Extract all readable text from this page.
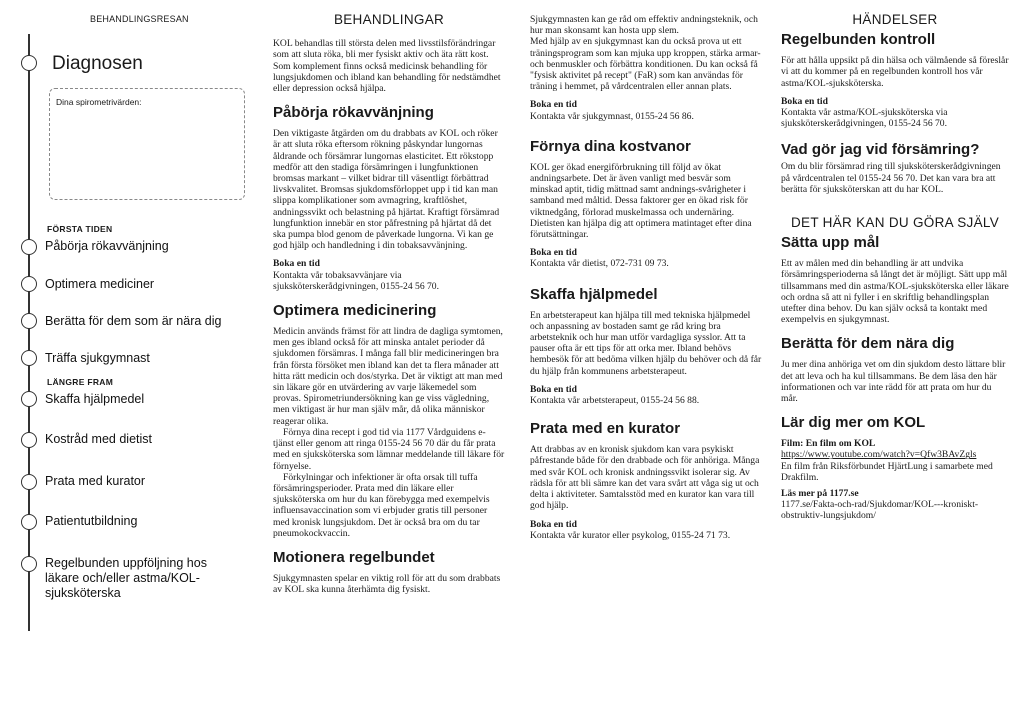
BEHANDLINGSRESAN
Diagnosen
Dina spirometrivärden:
FÖRSTA TIDEN
Påbörja rökavvänjning
Optimera mediciner
Berätta för dem som är nära dig
Träffa sjukgymnast
LÄNGRE FRAM
Skaffa hjälpmedel
Kostråd med dietist
Prata med kurator
Patientutbildning
Regelbunden uppföljning hos läkare och/eller astma/KOL-sjuksköterska
BEHANDLINGAR

KOL behandlas till största delen med livsstilsförändringar som att sluta röka, bli mer fysiskt aktiv och äta rätt kost. Som komplement finns också medicinsk behandling för lungsjukdomen och ibland kan behandling för nedstämdhet eller depression också hjälpa.

Påbörja rökavvänjning

Den viktigaste åtgärden om du drabbats av KOL och röker är att sluta röka eftersom rökning påskyndar lungornas åldrande och försämrar lungornas elasticitet. Ett rökstopp medför att den stadiga försämringen i lungfunktionen bromsas markant – vilket bidrar till väsentligt förbättrad livskvalitet. Bromsas sjukdomsförloppet upp i tid kan man slippa komplikationer som avmagring, kraftlöshet, andningssvikt och belastning på hjärtat. Kraftigt försämrad lungfunktion innebär en stor påfrestning på hjärtat då det ska pumpa blod genom de påverkade lungorna. Vi kan ge god hjälp och handledning i din tobaksavvänjning.

Boka en tid

Kontakta vår tobaksavvänjare via sjuksköterskerådgivningen, 0155-24 56 70.

Optimera medicinering

Medicin används främst för att lindra de dagliga symtomen, men ges ibland också för att minska antalet perioder då sjukdomen försämras. I många fall blir medicineringen bra från första försöket men ibland kan det ta flera månader att hitta rätt medicin och dos/styrka. Det är viktigt att man med sin läkare gör en utvärdering av varje läkemedel som provas. Spirometriundersökning kan ge viss vägledning, men viktigast är hur man själv mår, då olika människor reagerar olika.

Förnya dina recept i god tid via 1177 Vårdguidens e-tjänst eller genom att ringa 0155-24 56 70 där du får prata med en sjuksköterska som lämnar meddelande till läkare för förnyelse.

Förkylningar och infektioner är ofta orsak till tuffa försämringsperioder. Prata med din läkare eller sjuksköterska om hur du kan förebygga med exempelvis influensavaccination som vi erbjuder gratis till personer med kronisk lungsjukdom. Det är också bra om du tar pneumokockvaccin.

Motionera regelbundet

Sjukgymnasten spelar en viktig roll för att du som drabbats av KOL ska kunna återhämta dig fysiskt.

Sjukgymnasten kan ge råd om effektiv andningsteknik, och hur man skonsamt kan hosta upp slem.

Med hjälp av en sjukgymnast kan du också prova ut ett träningsprogram som kan mjuka upp kroppen, stärka armar- och benmuskler och förbättra konditionen. Du kan också få "fysisk aktivitet på recept" (FaR) som kan användas för träning i hemmet, på vårdcentralen eller annan plats.

Boka en tid

Kontakta vår sjukgymnast, 0155-24 56 86.

Förnya dina kostvanor

KOL ger ökad energiförbrukning till följd av ökat andningsarbete. Det är även vanligt med besvär som minskad aptit, tidig mättnad samt andnings-svårigheter i samband med måltid. Dessa faktorer ger en ökad risk för viktnedgång, förlorad muskelmassa och undernäring. Dietisten kan hjälpa dig att optimera matintaget efter dina förutsättningar.

Boka en tid

Kontakta vår dietist, 072-731 09 73.

Skaffa hjälpmedel

En arbetsterapeut kan hjälpa till med tekniska hjälpmedel och anpassning av bostaden samt ge råd kring bra arbetsteknik och hur man utför vardagliga sysslor. Att ta pauser ofta är ett tips för att orka mer. Ibland behövs hembesök för att bedöma vilken hjälp du behöver och då får du hjälp från kommunens arbetsterapeut.

Boka en tid

Kontakta vår arbetsterapeut, 0155-24 56 88.

Prata med en kurator

Att drabbas av en kronisk sjukdom kan vara psykiskt påfrestande både för den drabbade och för anhöriga. Många med svår KOL och kronisk andningssvikt isolerar sig. Av rädsla för att bli sämre kan det vara svårt att våga sig ut och delta i aktiviteter. Samtalsstöd med en kurator kan vara till god hjälp.

Boka en tid

Kontakta vår kurator eller psykolog, 0155-24 71 73.

HÄNDELSER
Regelbunden kontroll

För att hålla uppsikt på din hälsa och välmående så föreslår vi att du kommer på en regelbunden kontroll hos vår astma/KOL-sjuksköterska.

Boka en tid

Kontakta vår astma/KOL-sjuksköterska via sjuksköterskerådgivningen, 0155-24 56 70.

Vad gör jag vid försämring?

Om du blir försämrad ring till sjuksköterskerådgivningen på vårdcentralen tel 0155-24 56 70. Det kan vara bra att berätta för sjuksköterskan att du har KOL.

DET HÄR KAN DU GÖRA SJÄLV
Sätta upp mål

Ett av målen med din behandling är att undvika försämringsperioderna så långt det är möjligt. Sätt upp mål tillsammans med din astma/KOL-sjuksköterska eller läkare och ordna så att ni fyller i en skriftlig behandlingsplan utefter dina behov. Du kan själv också ta kontakt med exempelvis en sjukgymnast.

Berätta för dem nära dig

Ju mer dina anhöriga vet om din sjukdom desto lättare blir det att leva och ha kul tillsammans. Be dem läsa den här informationen och var inte rädd för att prata om hur du mår.

Lär dig mer om KOL

Film: En film om KOL

https://www.youtube.com/watch?v=Qfw3BAvZgls

En film från Riksförbundet HjärtLung i samarbete med Drakfilm.

Läs mer på 1177.se

1177.se/Fakta-och-rad/Sjukdomar/KOL---kroniskt-obstruktiv-lungsjukdom/
